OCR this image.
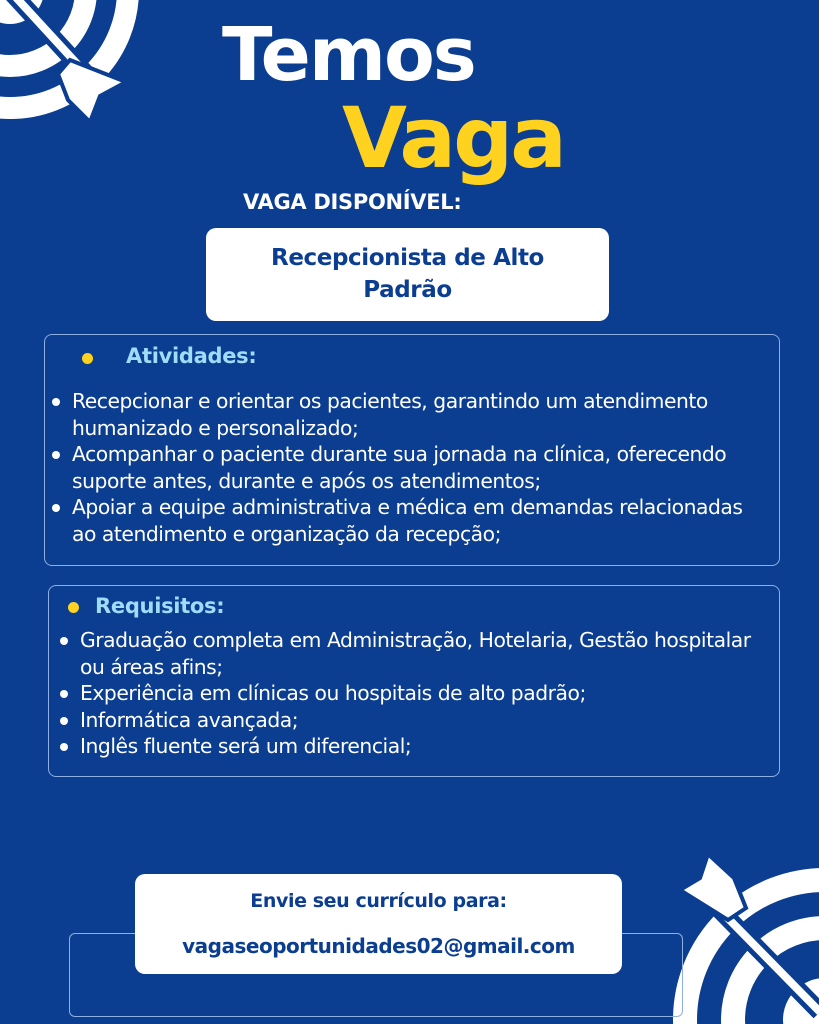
Temos
Vaga
VAGA DISPONÍVEL:
Recepcionista de Alto Padrão
Atividades:
Recepcionar e orientar os pacientes, garantindo um atendimento humanizado e personalizado;
Acompanhar o paciente durante sua jornada na clínica, oferecendo suporte antes, durante e após os atendimentos;
Apoiar a equipe administrativa e médica em demandas relacionadas ao atendimento e organização da recepção;
Requisitos:
Graduação completa em Administração, Hotelaria, Gestão hospitalar ou áreas afins;
Experiência em clínicas ou hospitais de alto padrão;
Informática avançada;
Inglês fluente será um diferencial;
Envie seu currículo para:
vagaseoportunidades02@gmail.com
